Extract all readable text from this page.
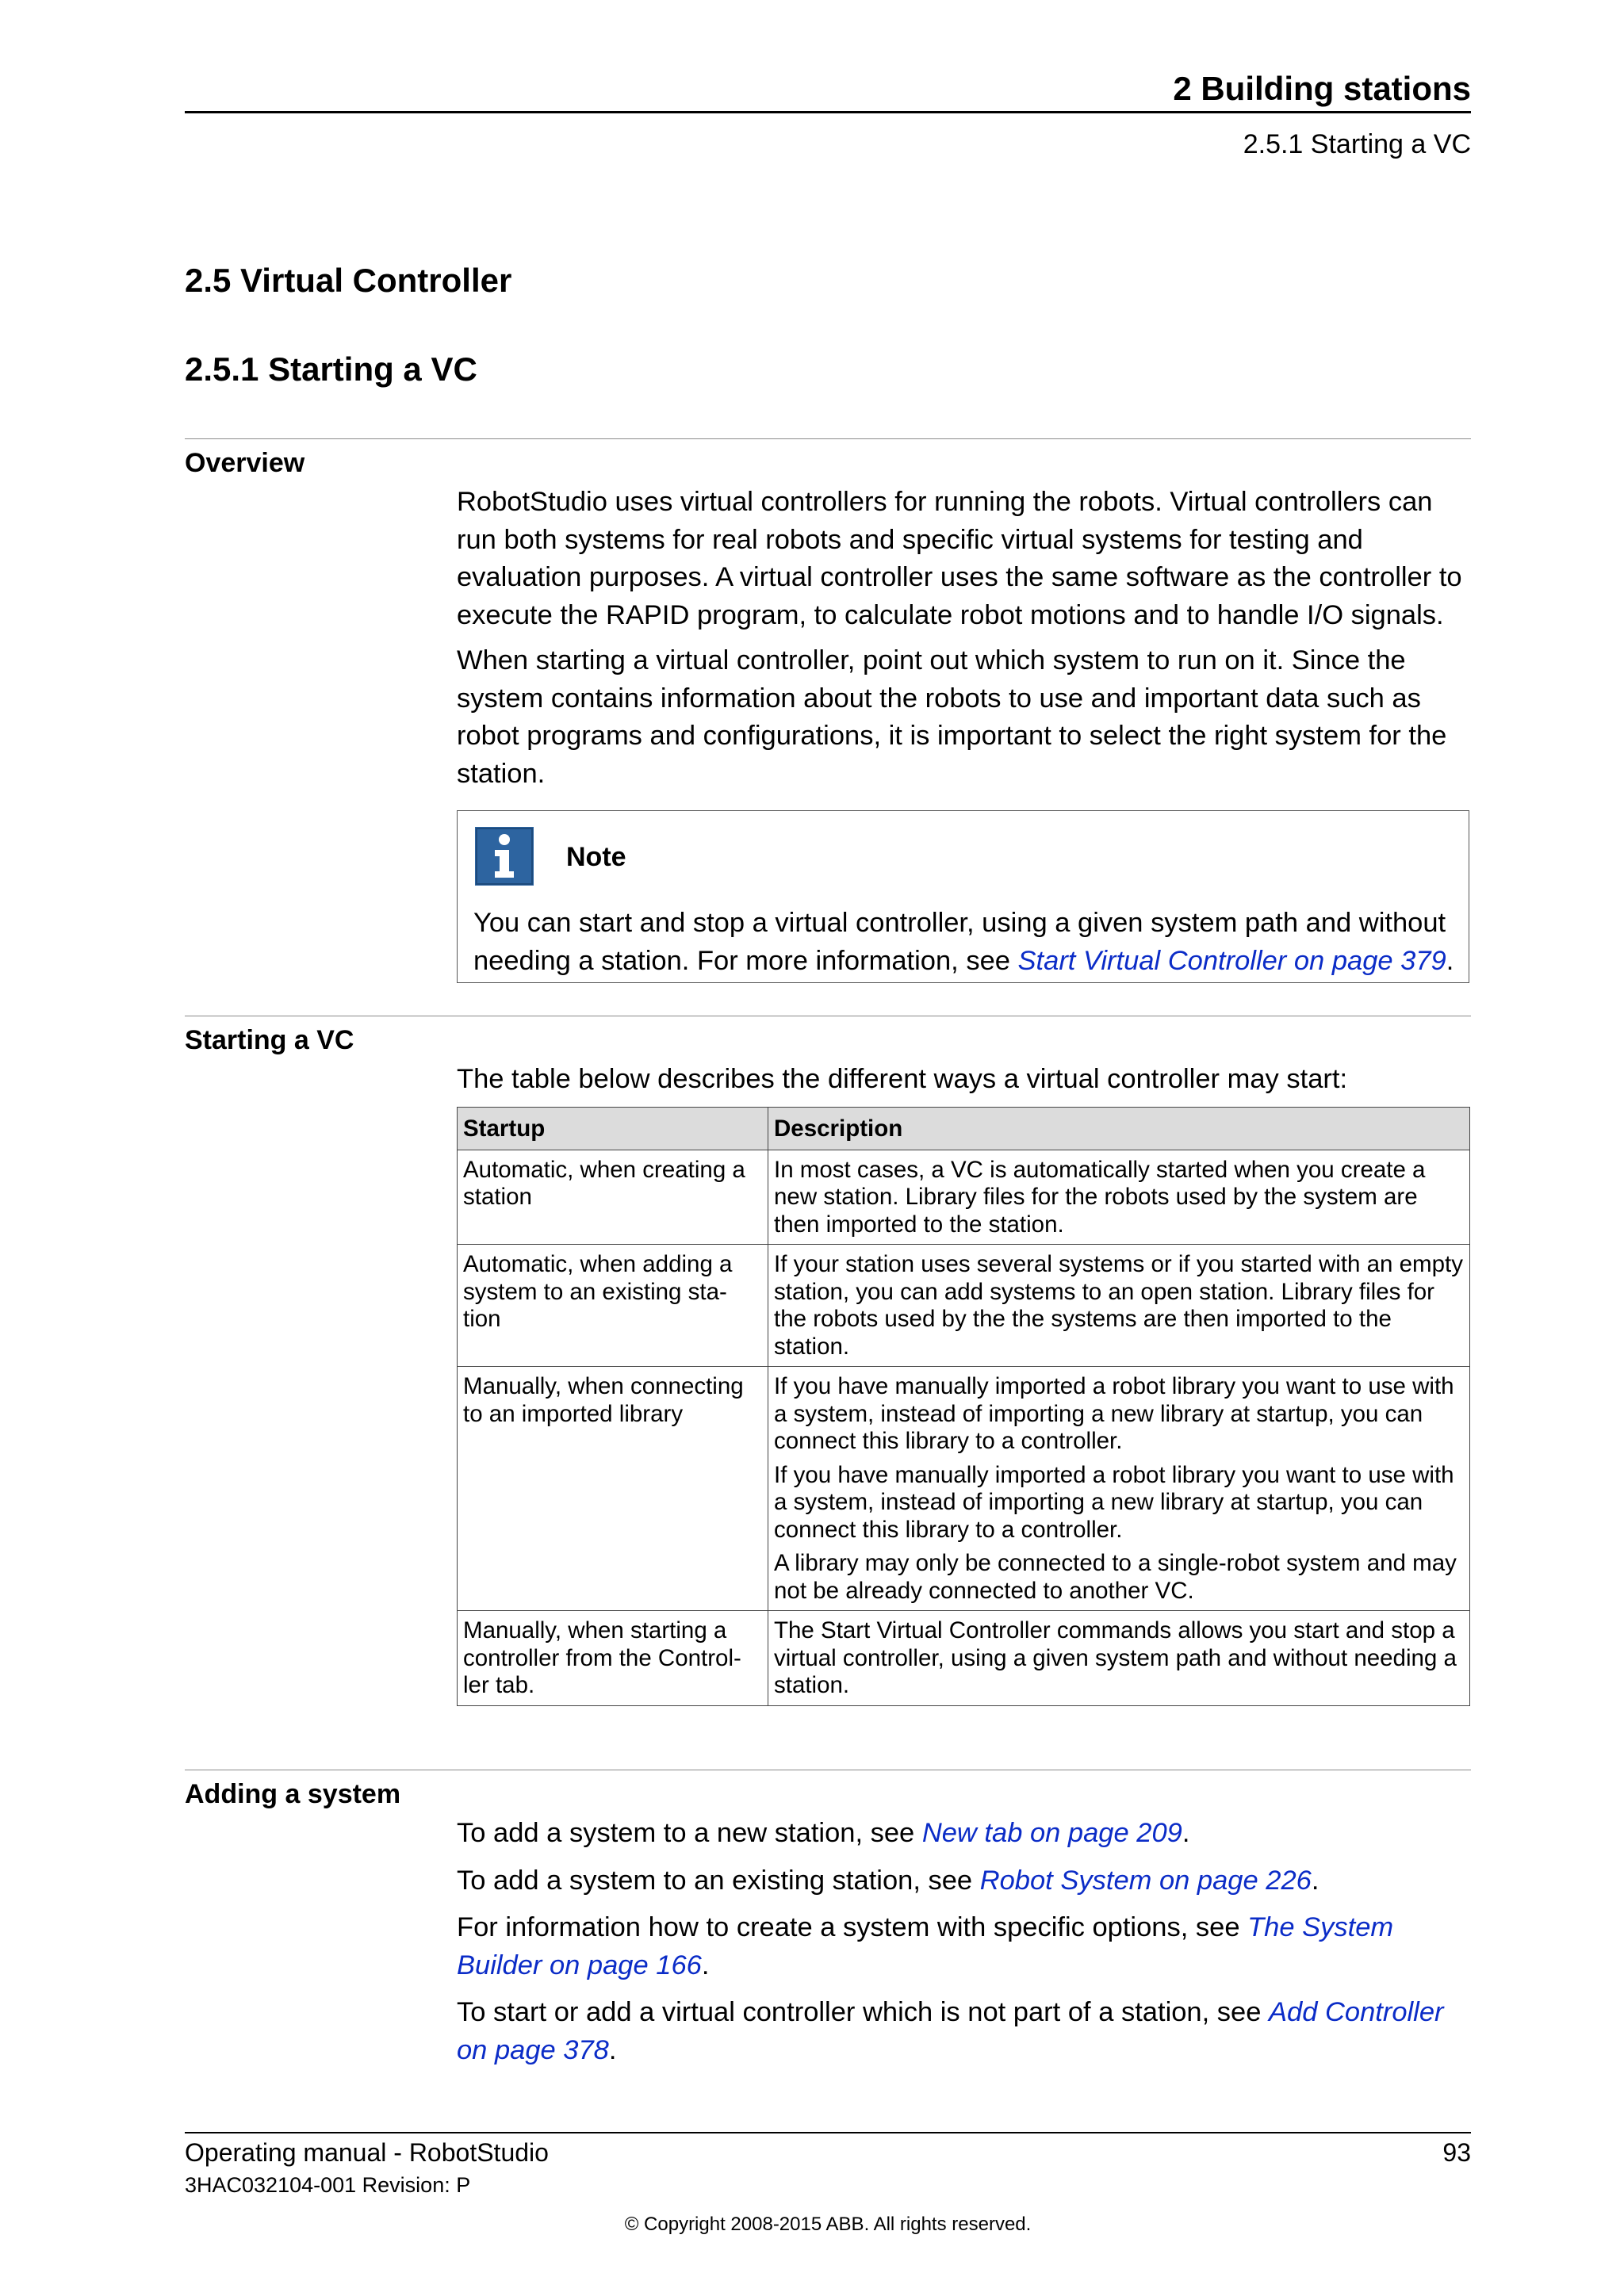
2 Building stations
2.5.1 Starting a VC
2.5 Virtual Controller
2.5.1 Starting a VC
Overview

RobotStudio uses virtual controllers for running the robots. Virtual controllers can run both systems for real robots and specific virtual systems for testing and evaluation purposes. A virtual controller uses the same software as the controller to execute the RAPID program, to calculate robot motions and to handle I/O signals.

When starting a virtual controller, point out which system to run on it. Since the system contains information about the robots to use and important data such as robot programs and configurations, it is important to select the right system for the station.

Note
You can start and stop a virtual controller, using a given system path and without needing a station. For more information, see Start Virtual Controller on page 379.
Starting a VC
The table below describes the different ways a virtual controller may start:
Startup	Description
Automatic, when creating a station	In most cases, a VC is automatically started when you create a new station. Library files for the robots used by the system are then imported to the station.

Automatic, when adding a system to an existing sta- tion	If your station uses several systems or if you started with an empty station, you can add systems to an open station. Library files for the robots used by the the systems are then imported to the station.

Manually, when connecting to an imported library	If you have manually imported a robot library you want to use with a system, instead of importing a new library at startup, you can connect this library to a controller.

If you have manually imported a robot library you want to use with a system, instead of importing a new library at startup, you can connect this library to a controller.

A library may only be connected to a single-robot system and may not be already connected to another VC.

Manually, when starting a controller from the Control- ler tab.	The Start Virtual Controller commands allows you start and stop a virtual controller, using a given system path and without needing a station.

Adding a system

To add a system to a new station, see New tab on page 209.

To add a system to an existing station, see Robot System on page 226.

For information how to create a system with specific options, see The System Builder on page 166.

To start or add a virtual controller which is not part of a station, see Add Controller on page 378.

Operating manual - RobotStudio	93
3HAC032104-001 Revision: P
© Copyright 2008-2015 ABB. All rights reserved.
